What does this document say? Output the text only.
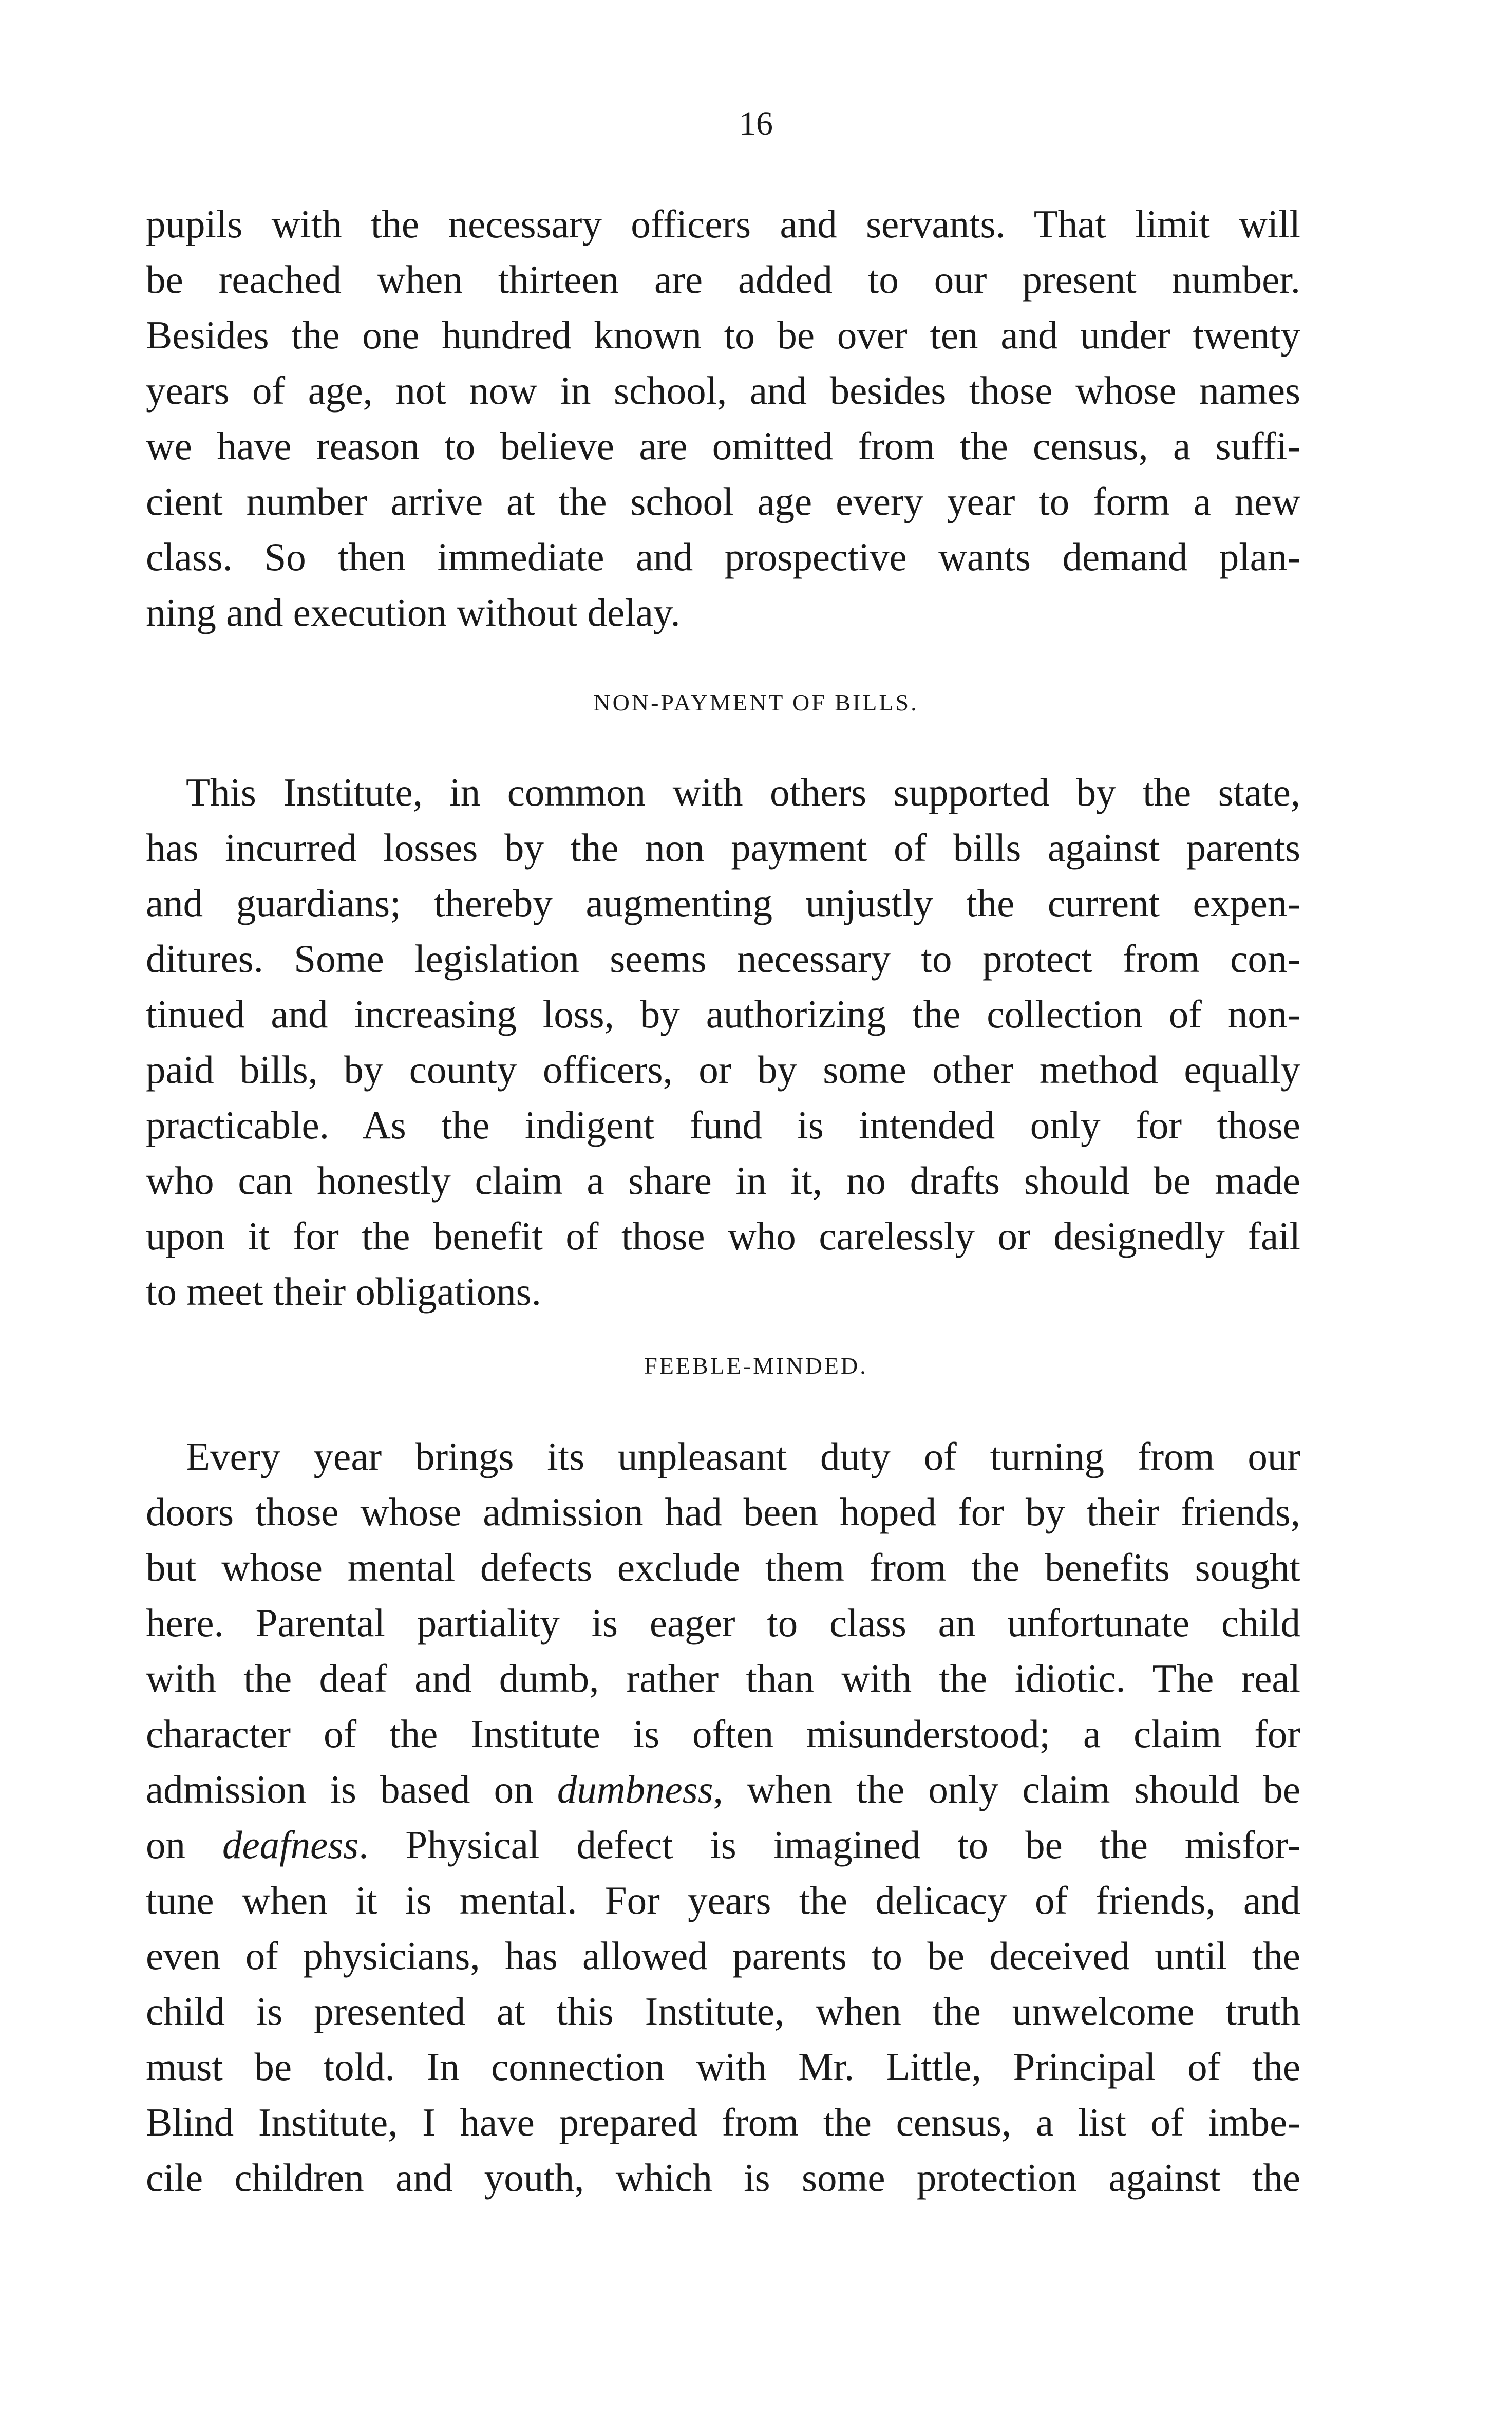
16

pupils with the necessary officers and servants. That limit will

be reached when thirteen are added to our present number.

Besides the one hundred known to be over ten and under twenty

years of age, not now in school, and besides those whose names

we have reason to believe are omitted from the census, a suffi-

cient number arrive at the school age every year to form a new

class. So then immediate and prospective wants demand plan-

ning and execution without delay.

NON-PAYMENT OF BILLS.

This Institute, in common with others supported by the state,

has incurred losses by the non payment of bills against parents

and guardians; thereby augmenting unjustly the current expen-

ditures. Some legislation seems necessary to protect from con-

tinued and increasing loss, by authorizing the collection of non-

paid bills, by county officers, or by some other method equally

practicable. As the indigent fund is intended only for those

who can honestly claim a share in it, no drafts should be made

upon it for the benefit of those who carelessly or designedly fail

to meet their obligations.

FEEBLE-MINDED.

Every year brings its unpleasant duty of turning from our

doors those whose admission had been hoped for by their friends,

but whose mental defects exclude them from the benefits sought

here. Parental partiality is eager to class an unfortunate child

with the deaf and dumb, rather than with the idiotic. The real

character of the Institute is often misunderstood; a claim for

admission is based on dumbness, when the only claim should be

on deafness. Physical defect is imagined to be the misfor-

tune when it is mental. For years the delicacy of friends, and

even of physicians, has allowed parents to be deceived until the

child is presented at this Institute, when the unwelcome truth

must be told. In connection with Mr. Little, Principal of the

Blind Institute, I have prepared from the census, a list of imbe-

cile children and youth, which is some protection against the
